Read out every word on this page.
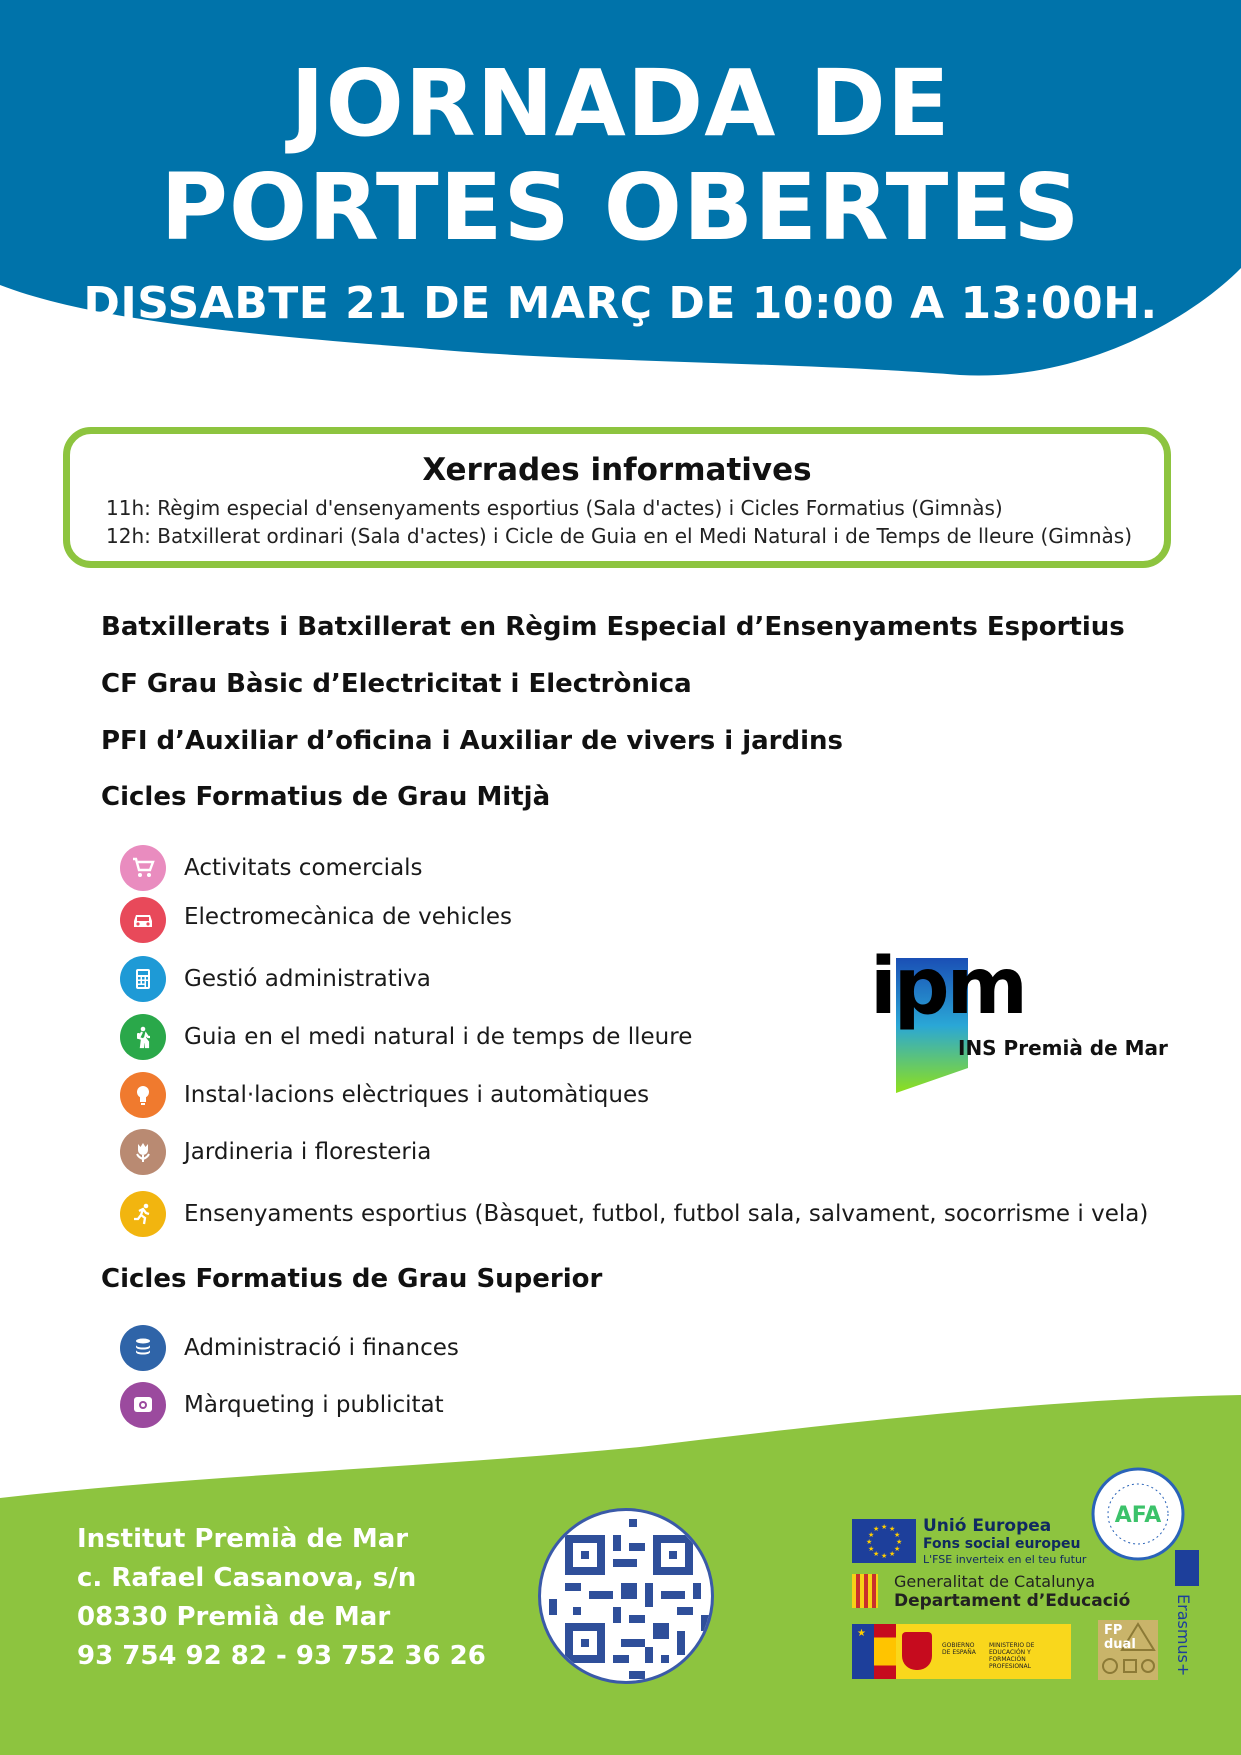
JORNADA DE
PORTES OBERTES
DISSABTE 21 DE MARÇ DE 10:00 A 13:00H.
Xerrades informatives
11h: Règim especial d'ensenyaments esportius (Sala d'actes) i Cicles Formatius (Gimnàs)
12h: Batxillerat ordinari (Sala d'actes) i Cicle de Guia en el Medi Natural i de Temps de lleure (Gimnàs)
Batxillerats i Batxillerat en Règim Especial d’Ensenyaments Esportius
CF Grau Bàsic d’Electricitat i Electrònica
PFI d’Auxiliar d’oficina i Auxiliar de vivers i jardins
Cicles Formatius de Grau Mitjà
Activitats comercials
Electromecànica de vehicles
Gestió administrativa
Guia en el medi natural i de temps de lleure
Instal·lacions elèctriques i automàtiques
Jardineria i floresteria
Ensenyaments esportius (Bàsquet, futbol, futbol sala, salvament, socorrisme i vela)
Cicles Formatius de Grau Superior
Administració i finances
Màrqueting i publicitat
ipm
INS Premià de Mar
Institut Premià de Mar
c. Rafael Casanova, s/n
08330 Premià de Mar
93 754 92 82 - 93 752 36 26
★ ★
★
★
★
★
★
★
★
★
★
★	Unió Europea
Fons social europeu
L'FSE inverteix en el teu futur
Generalitat de Catalunya
Departament d’Educació
★
GOBIERNO DE ESPAÑA
MINISTERIO DE EDUCACIÓN Y FORMACIÓN PROFESIONAL
FP
dual
AFA
Erasmus+
